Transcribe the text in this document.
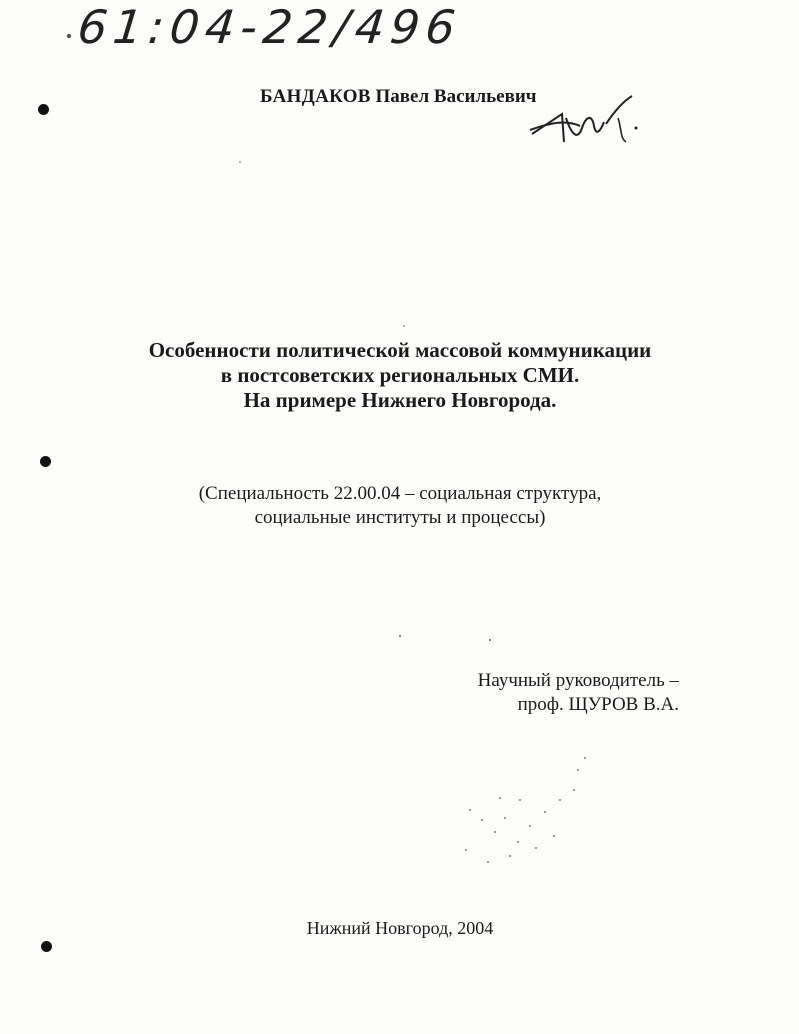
61:04-22/496
БАНДАКОВ Павел Васильевич
Особенности политической массовой коммуникации
в постсоветских региональных СМИ.
На примере Нижнего Новгорода.
(Специальность 22.00.04 – социальная структура,
социальные институты и процессы)
Научный руководитель –
проф. ЩУРОВ В.А.
Нижний Новгород, 2004
